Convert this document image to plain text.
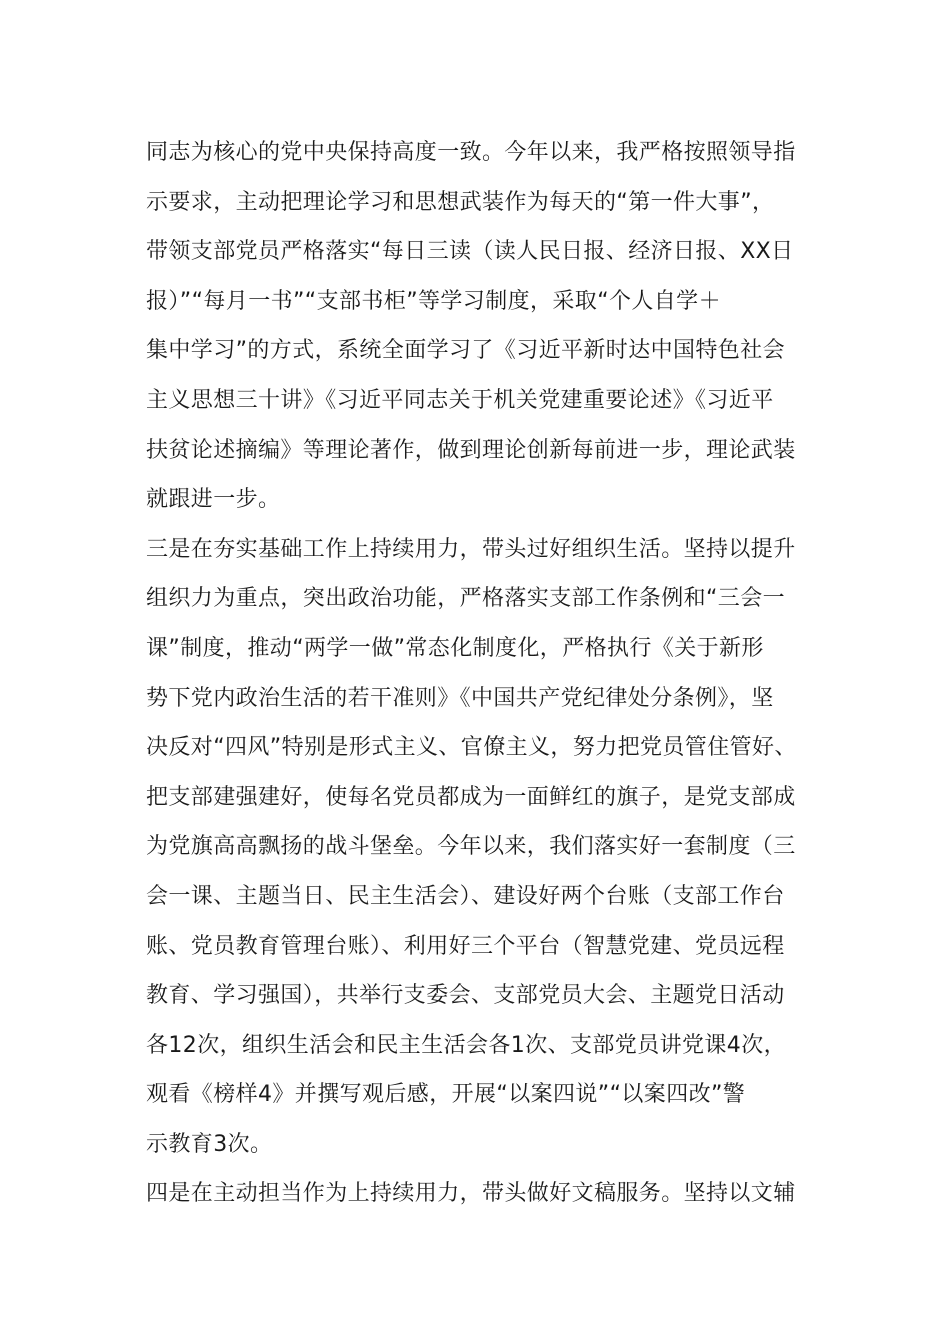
同志为核心的党中央保持高度一致。今年以来，我严格按照领导指
示要求，主动把理论学习和思想武装作为每天的“第一件大事”，
带领支部党员严格落实“每日三读（读人民日报、经济日报、XX日
报）”“每月一书”“支部书柜”等学习制度，采取“个人自学＋
集中学习”的方式，系统全面学习了《习近平新时达中国特色社会
主义思想三十讲》《习近平同志关于机关党建重要论述》《习近平
扶贫论述摘编》等理论著作，做到理论创新每前进一步，理论武装
就跟进一步。
三是在夯实基础工作上持续用力，带头过好组织生活。坚持以提升
组织力为重点，突出政治功能，严格落实支部工作条例和“三会一
课”制度，推动“两学一做”常态化制度化，严格执行《关于新形
势下党内政治生活的若干准则》《中国共产党纪律处分条例》，坚
决反对“四风”特别是形式主义、官僚主义，努力把党员管住管好、
把支部建强建好，使每名党员都成为一面鲜红的旗子，是党支部成
为党旗高高飘扬的战斗堡垒。今年以来，我们落实好一套制度（三
会一课、主题当日、民主生活会）、建设好两个台账（支部工作台
账、党员教育管理台账）、利用好三个平台（智慧党建、党员远程
教育、学习强国），共举行支委会、支部党员大会、主题党日活动
各12次，组织生活会和民主生活会各1次、支部党员讲党课4次，
观看《榜样4》并撰写观后感，开展“以案四说”“以案四改”警
示教育3次。
四是在主动担当作为上持续用力，带头做好文稿服务。坚持以文辅
